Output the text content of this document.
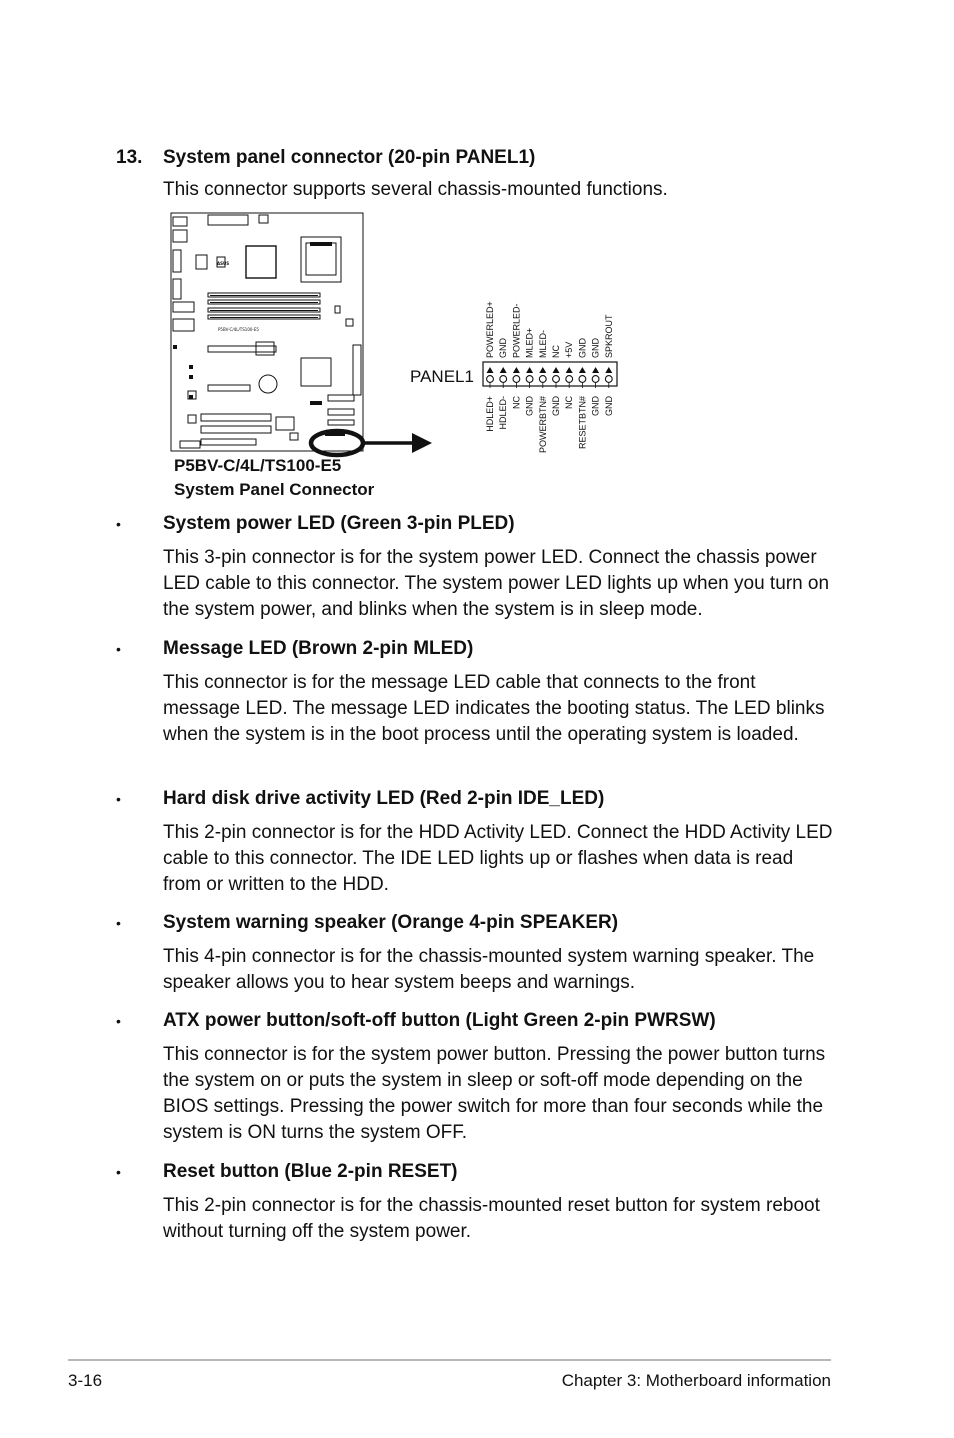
13. System panel connector (20-pin PANEL1)
This connector supports several chassis-mounted functions.
P5BV-C/4L/TS100-E5
ASUS
PANEL1
POWERLED+ GND POWERLED- MLED+ MLED- NC +5V GND GND SPKROUT
HDLED+ HDLED- NC GND POWERBTN# GND NC RESETBTN# GND GND
P5BV-C/4L/TS100-E5
System Panel Connector
• System power LED (Green 3-pin PLED)

This 3-pin connector is for the system power LED. Connect the chassis power LED cable to this connector. The system power LED lights up when you turn on the system power, and blinks when the system is in sleep mode.

• Message LED (Brown 2-pin MLED)

This connector is for the message LED cable that connects to the front message LED. The message LED indicates the booting status. The LED blinks when the system is in the boot process until the operating system is loaded.

• Hard disk drive activity LED (Red 2-pin IDE_LED)

This 2-pin connector is for the HDD Activity LED. Connect the HDD Activity LED cable to this connector. The IDE LED lights up or flashes when data is read from or written to the HDD.

• System warning speaker (Orange 4-pin SPEAKER)

This 4-pin connector is for the chassis-mounted system warning speaker. The speaker allows you to hear system beeps and warnings.

• ATX power button/soft-off button (Light Green 2-pin PWRSW)

This connector is for the system power button. Pressing the power button turns the system on or puts the system in sleep or soft-off mode depending on the BIOS settings. Pressing the power switch for more than four seconds while the system is ON turns the system OFF.

• Reset button (Blue 2-pin RESET)

This 2-pin connector is for the chassis-mounted reset button for system reboot without turning off the system power.

3-16	Chapter 3: Motherboard information
